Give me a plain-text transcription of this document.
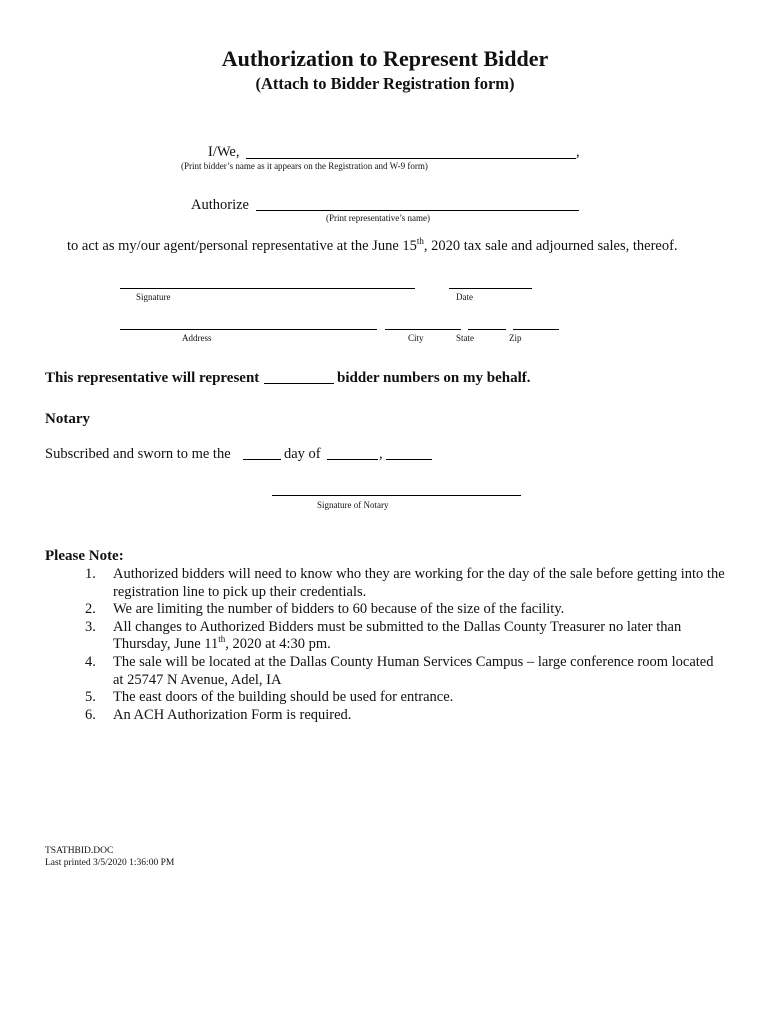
Authorization to Represent Bidder
(Attach to Bidder Registration form)
I/We,	,
(Print bidder’s name as it appears on the Registration and W-9 form)
Authorize
(Print representative’s name)
to act as my/our agent/personal representative at the June 15th, 2020 tax sale and adjourned sales, thereof.
Signature	Date
Address	City	State	Zip
This representative will represent	bidder numbers on my behalf.
Notary
Subscribed and sworn to me the	day of	,
Signature of Notary
Please Note:
1.	Authorized bidders will need to know who they are working for the day of the sale before getting into the registration line to pick up their credentials.
2.	We are limiting the number of bidders to 60 because of the size of the facility.
3.	All changes to Authorized Bidders must be submitted to the Dallas County Treasurer no later than Thursday, June 11th, 2020 at 4:30 pm.
4.	The sale will be located at the Dallas County Human Services Campus – large conference room located at 25747 N Avenue, Adel, IA
5.	The east doors of the building should be used for entrance.
6.	An ACH Authorization Form is required.
TSATHBID.DOC
Last printed 3/5/2020 1:36:00 PM
